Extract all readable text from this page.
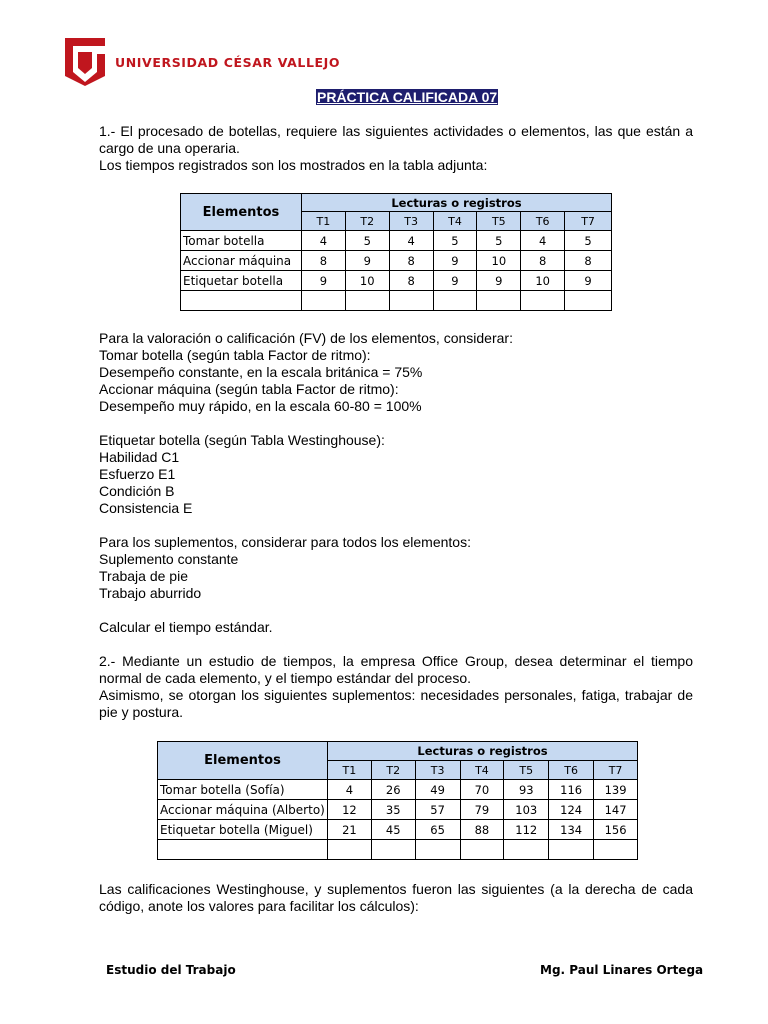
UNIVERSIDAD CÉSAR VALLEJO
PRÁCTICA CALIFICADA 07
1.- El procesado de botellas, requiere las siguientes actividades o elementos, las que están a cargo de una operaria.
Los tiempos registrados son los mostrados en la tabla adjunta:
Elementos	Lecturas o registros						
	T1	T2	T3	T4	T5	T6	T7
Tomar botella	4	5	4	5	5	4	5
Accionar máquina	8	9	8	9	10	8	8
Etiquetar botella	9	10	8	9	9	10	9

Para la valoración o calificación (FV) de los elementos, considerar:
Tomar botella (según tabla Factor de ritmo):
Desempeño constante, en la escala británica = 75%
Accionar máquina (según tabla Factor de ritmo):
Desempeño muy rápido, en la escala 60-80 = 100%
Etiquetar botella (según Tabla Westinghouse):
Habilidad C1
Esfuerzo E1
Condición B
Consistencia E
Para los suplementos, considerar para todos los elementos:
Suplemento constante
Trabaja de pie
Trabajo aburrido
Calcular el tiempo estándar.
2.- Mediante un estudio de tiempos, la empresa Office Group, desea determinar el tiempo normal de cada elemento, y el tiempo estándar del proceso.
Asimismo, se otorgan los siguientes suplementos: necesidades personales, fatiga, trabajar de pie y postura.
Elementos	Lecturas o registros						
	T1	T2	T3	T4	T5	T6	T7
Tomar botella (Sofía)	4	26	49	70	93	116	139
Accionar máquina (Alberto)	12	35	57	79	103	124	147
Etiquetar botella (Miguel)	21	45	65	88	112	134	156

Las calificaciones Westinghouse, y suplementos fueron las siguientes (a la derecha de cada código, anote los valores para facilitar los cálculos):
Estudio del Trabajo	Mg. Paul Linares Ortega
